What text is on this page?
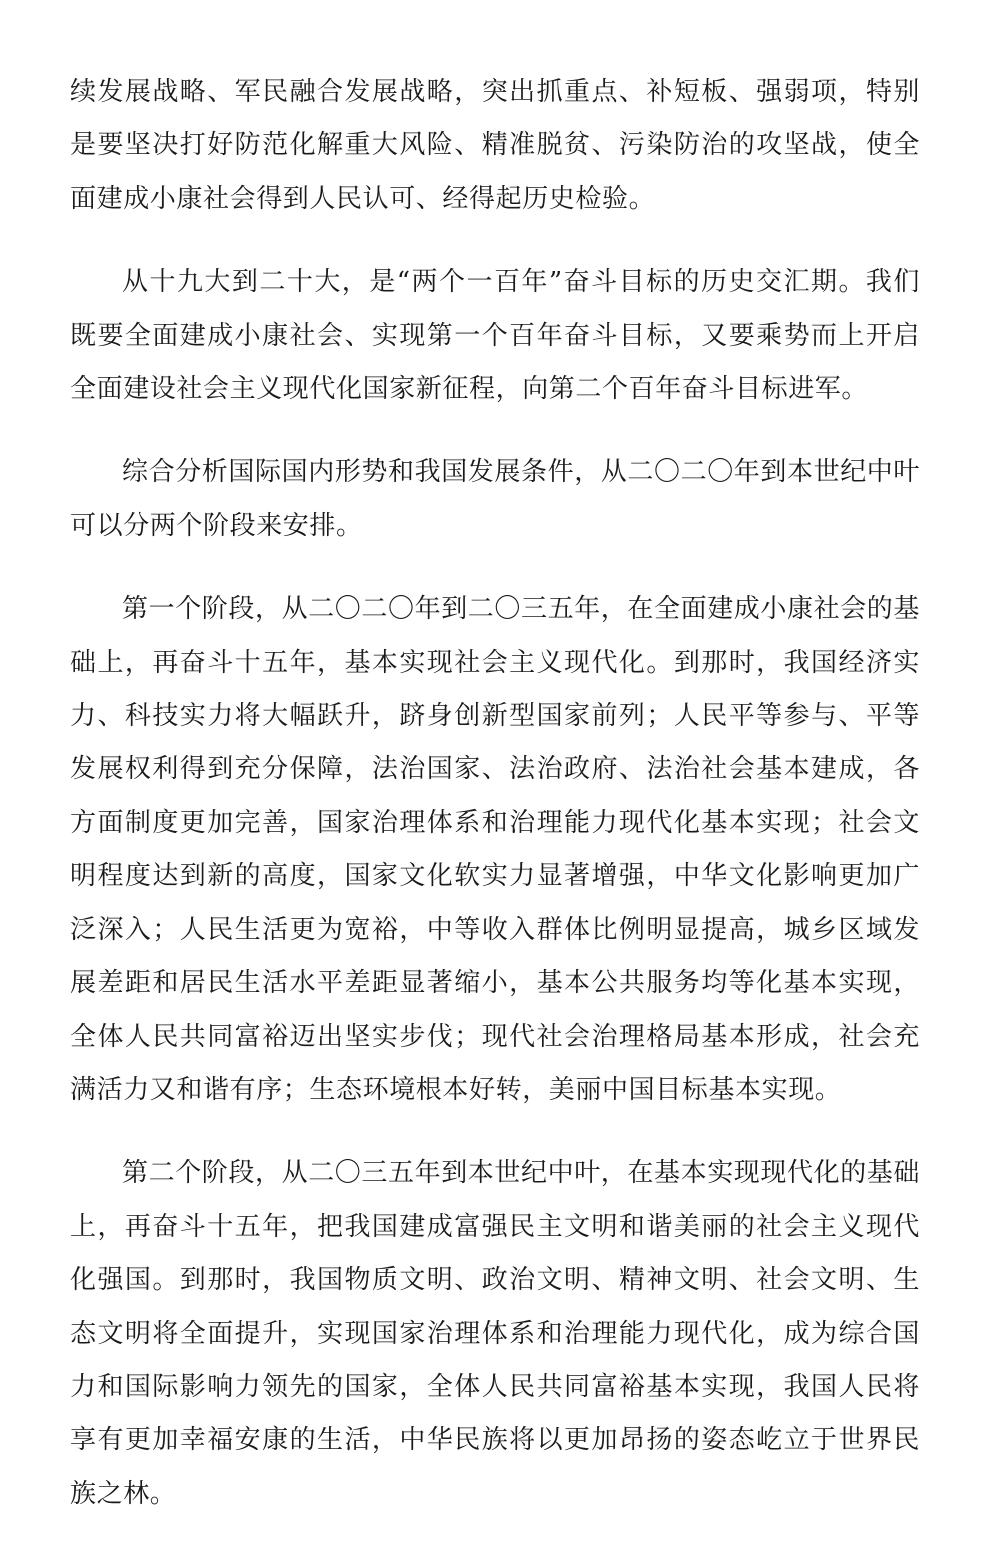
续发展战略、军民融合发展战略，突出抓重点、补短板、强弱项，特别是要坚决打好防范化解重大风险、精准脱贫、污染防治的攻坚战，使全面建成小康社会得到人民认可、经得起历史检验。

从十九大到二十大，是“两个一百年”奋斗目标的历史交汇期。我们既要全面建成小康社会、实现第一个百年奋斗目标，又要乘势而上开启全面建设社会主义现代化国家新征程，向第二个百年奋斗目标进军。

综合分析国际国内形势和我国发展条件，从二〇二〇年到本世纪中叶可以分两个阶段来安排。

第一个阶段，从二〇二〇年到二〇三五年，在全面建成小康社会的基础上，再奋斗十五年，基本实现社会主义现代化。到那时，我国经济实力、科技实力将大幅跃升，跻身创新型国家前列；人民平等参与、平等发展权利得到充分保障，法治国家、法治政府、法治社会基本建成，各方面制度更加完善，国家治理体系和治理能力现代化基本实现；社会文明程度达到新的高度，国家文化软实力显著增强，中华文化影响更加广泛深入；人民生活更为宽裕，中等收入群体比例明显提高，城乡区域发展差距和居民生活水平差距显著缩小，基本公共服务均等化基本实现，全体人民共同富裕迈出坚实步伐；现代社会治理格局基本形成，社会充满活力又和谐有序；生态环境根本好转，美丽中国目标基本实现。

第二个阶段，从二〇三五年到本世纪中叶，在基本实现现代化的基础上，再奋斗十五年，把我国建成富强民主文明和谐美丽的社会主义现代化强国。到那时，我国物质文明、政治文明、精神文明、社会文明、生态文明将全面提升，实现国家治理体系和治理能力现代化，成为综合国力和国际影响力领先的国家，全体人民共同富裕基本实现，我国人民将享有更加幸福安康的生活，中华民族将以更加昂扬的姿态屹立于世界民族之林。
